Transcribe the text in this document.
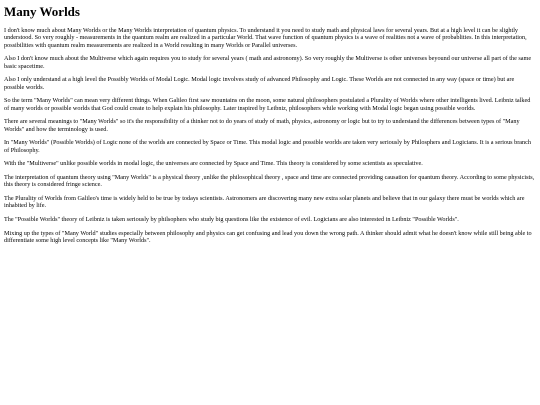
Many Worlds

I don't know much about Many Worlds or the Many Worlds interpretation of quantum physics. To understand it you need to study math and physical laws for several years. But at a high level it can be slightly understood. So very roughly - measurements in the quantum realm are realized in a particular World. That wave function of quantum physics is a wave of realities not a wave of probablities. In this interpretation, possibilities with quantum realm measurements are realized in a World resulting in many Worlds or Parallel universes.

Also I don't know much about the Multiverse which again requires you to study for several years ( math and astronomy). So very roughly the Multiverse is other universes beyound our universe all part of the same basic spacetime.

Also I only understand at a high level the Possibly Worlds of Modal Logic. Modal logic involves study of advanced Philosophy and Logic. These Worlds are not connected in any way (space or time) but are possible worlds.

So the term "Many Worlds" can mean very different things. When Galileo first saw mountains on the moon, some natural philosophers postulated a Plurality of Worlds where other intelligents lived. Leibniz talked of many worlds or possible worlds that God could create to help explain his philosophy. Later inspired by Leibniz, philosophers while working with Modal logic began using possible worlds.

There are several meanings to "Many Worlds" so it's the responsibility of a thinker not to do years of study of math, physics, astronomy or logic but to try to understand the differences between types of "Many Worlds" and how the terminology is used.

In "Many Worlds" (Possible Worlds) of Logic none of the worlds are connected by Space or Time. This modal logic and possible worlds are taken very seriously by Philosphers and Logicians. It is a serious branch of Philosophy.

With the "Multiverse" unlike possible worlds in modal logic, the universes are connected by Space and Time. This theory is considered by some scientists as speculative.

The interpretation of quantum theory using "Many Worlds" is a physical theory ,unlike the philosophical theory , space and time are connected providing causation for quantum theory. According to some physicists, this theory is considered fringe science.

The Plurality of Worlds from Galileo's time is widely held to be true by todays scientists. Astronomers are discovering many new extra solar planets and believe that in our galaxy there must be worlds which are inhabited by life.

The "Possible Worlds" theory of Leibniz is taken seriously by philsophers who study big questions like the existence of evil. Logicians are also interested in Leibniz "Possible Worlds".

Mixing up the types of "Many World" studies especially between philosophy and physics can get confusing and lead you down the wrong path. A thinker should admit what he doesn't know while still being able to differentiate some high level concepts like "Many Worlds".
